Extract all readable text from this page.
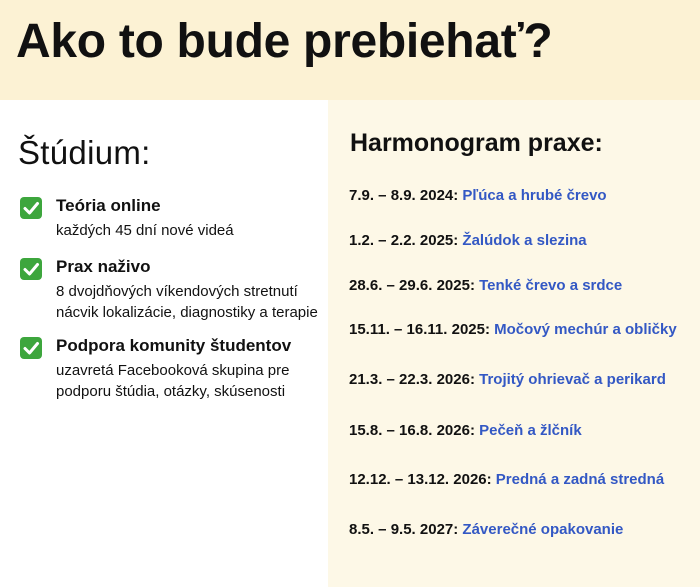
Ako to bude prebiehať?
Štúdium:
Teória online
každých 45 dní nové videá
Prax naživo
8 dvojdňových víkendových stretnutí
nácvik lokalizácie, diagnostiky a terapie
Podpora komunity študentov
uzavretá Facebooková skupina pre
podporu štúdia, otázky, skúsenosti
Harmonogram praxe:
7.9. – 8.9. 2024: Pľúca a hrubé črevo
1.2. – 2.2. 2025: Žalúdok a slezina
28.6. – 29.6. 2025: Tenké črevo a srdce
15.11. – 16.11. 2025: Močový mechúr a obličky
21.3. – 22.3. 2026: Trojitý ohrievač a perikard
15.8. – 16.8. 2026: Pečeň a žlčník
12.12. – 13.12. 2026: Predná a zadná stredná
8.5. – 9.5. 2027: Záverečné opakovanie
